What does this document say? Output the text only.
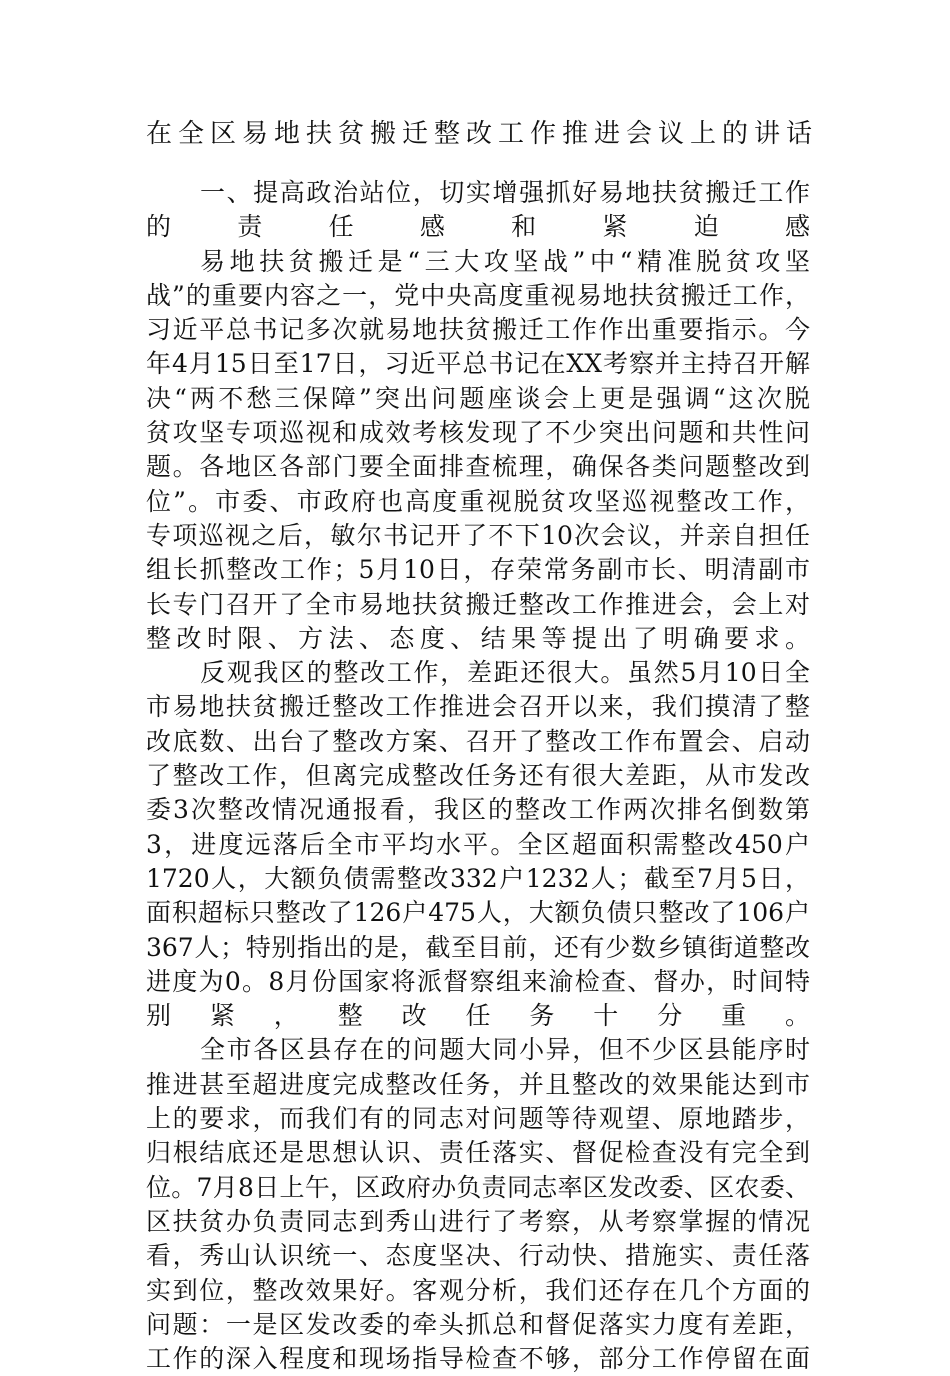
在全区易地扶贫搬迁整改工作推进会议上的讲话

一、提高政治站位，切实增强抓好易地扶贫搬迁工作

的责任感和紧迫感

易地扶贫搬迁是“三大攻坚战”中“精准脱贫攻坚

战”的重要内容之一，党中央高度重视易地扶贫搬迁工作，

习近平总书记多次就易地扶贫搬迁工作作出重要指示。今

年4月15日至17日，习近平总书记在XX考察并主持召开解

决“两不愁三保障”突出问题座谈会上更是强调“这次脱

贫攻坚专项巡视和成效考核发现了不少突出问题和共性问

题。各地区各部门要全面排查梳理，确保各类问题整改到

位”。市委、市政府也高度重视脱贫攻坚巡视整改工作，

专项巡视之后，敏尔书记开了不下10次会议，并亲自担任

组长抓整改工作；5月10日，存荣常务副市长、明清副市

长专门召开了全市易地扶贫搬迁整改工作推进会，会上对

整改时限、方法、态度、结果等提出了明确要求。

反观我区的整改工作，差距还很大。虽然5月10日全

市易地扶贫搬迁整改工作推进会召开以来，我们摸清了整

改底数、出台了整改方案、召开了整改工作布置会、启动

了整改工作，但离完成整改任务还有很大差距，从市发改

委3次整改情况通报看，我区的整改工作两次排名倒数第

3，进度远落后全市平均水平。全区超面积需整改450户

1720人，大额负债需整改332户1232人；截至7月5日，

面积超标只整改了126户475人，大额负债只整改了106户

367人；特别指出的是，截至目前，还有少数乡镇街道整改

进度为0。8月份国家将派督察组来渝检查、督办，时间特

别紧，整改任务十分重。

全市各区县存在的问题大同小异，但不少区县能序时

推进甚至超进度完成整改任务，并且整改的效果能达到市

上的要求，而我们有的同志对问题等待观望、原地踏步，

归根结底还是思想认识、责任落实、督促检查没有完全到

位。7月8日上午，区政府办负责同志率区发改委、区农委、

区扶贫办负责同志到秀山进行了考察，从考察掌握的情况

看，秀山认识统一、态度坚决、行动快、措施实、责任落

实到位，整改效果好。客观分析，我们还存在几个方面的

问题：一是区发改委的牵头抓总和督促落实力度有差距，

工作的深入程度和现场指导检查不够，部分工作停留在面
